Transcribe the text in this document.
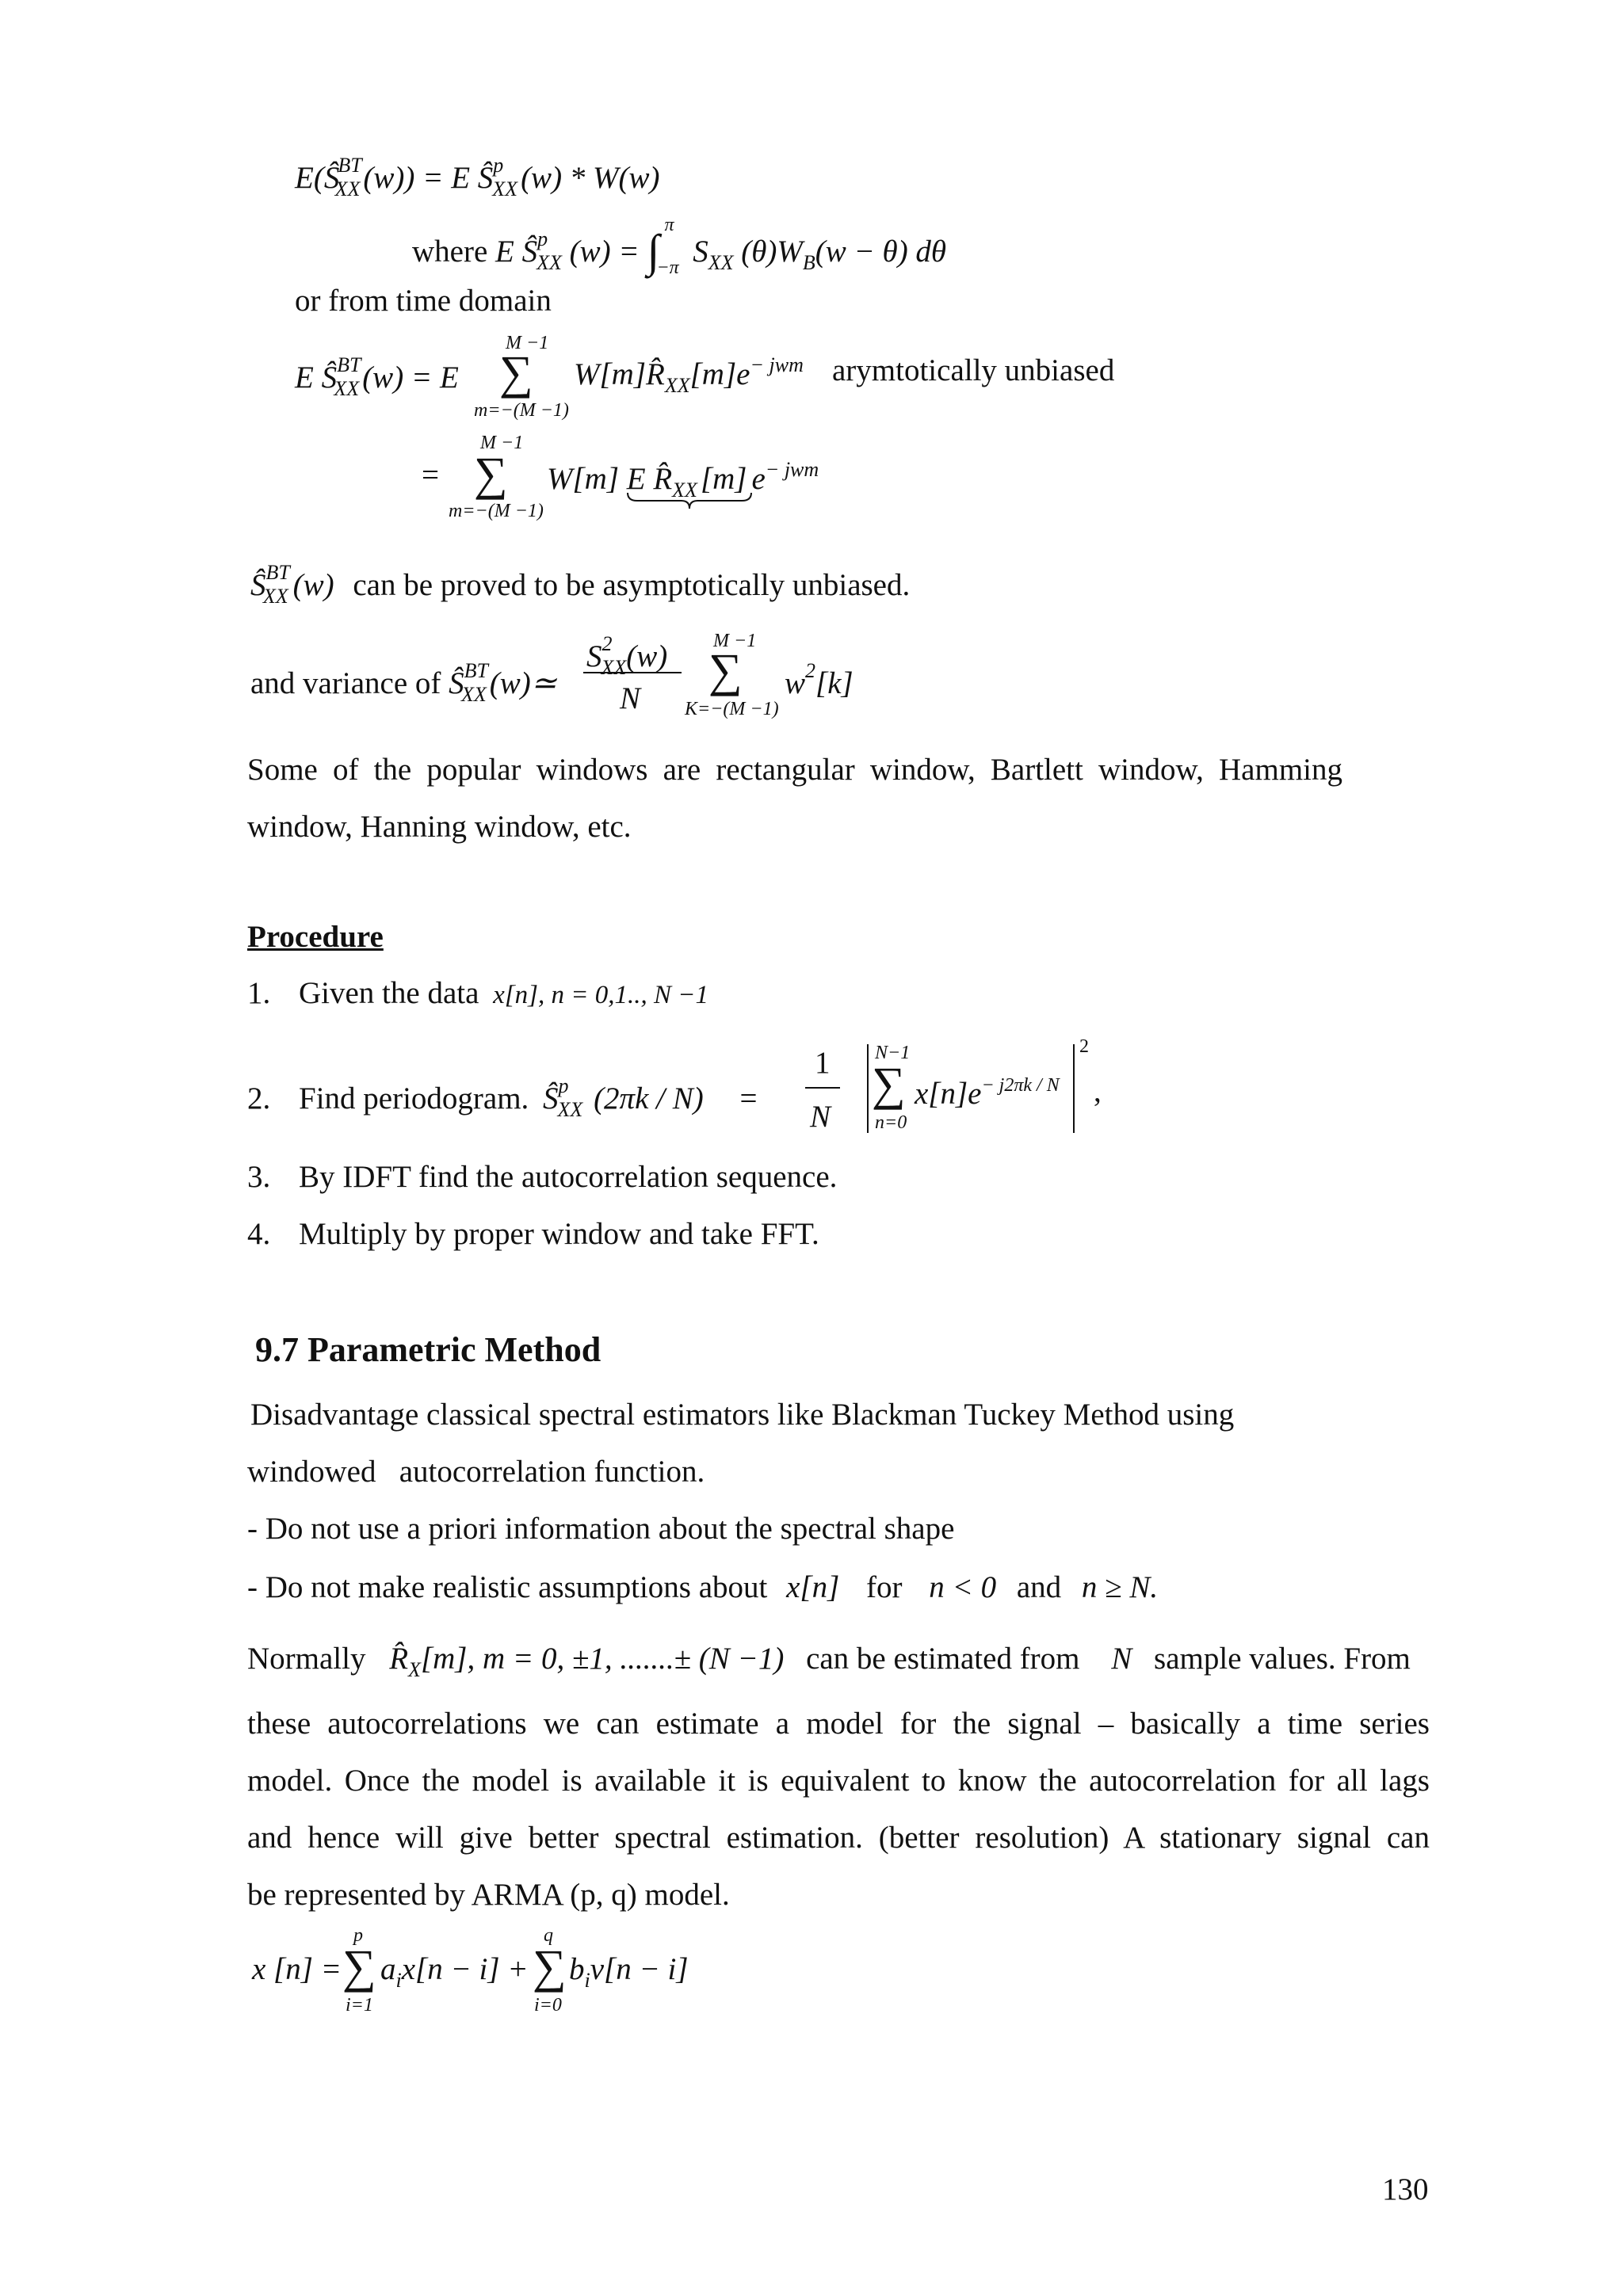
$E(Ŝ^{BT}_{XX}$ (w)) = E $Ŝ^p_{XX}$ (w) * W(w)
where E $Ŝ^p_{XX}$ (w) = ∫ π
−π $S_{XX}$ $(\theta)W_B(w - \theta)$ dθ
or from time domain
E $Ŝ^{BT}_{XX}$ (w) = E
M −1
∑
m=−(M −1)
$W[m]R̂_{XX}[m]e^{- jwm}$ arymtotically unbiased
=
M −1
∑
m=−(M −1)
W[m] E $R̂_{XX}$ [m] $e^{- jwm}$
$Ŝ^{BT}_{XX}$ (w) can be proved to be asymptotically unbiased.
and variance of $Ŝ^{BT}_{XX}$ (w)≃
$S^2_{XX}(w)$
N
M −1
∑
K=−(M −1)
$w^2[k]$
Some of the popular windows are rectangular window, Bartlett window, Hamming
window, Hanning window, etc.
Procedure
1. Given the data x[n], n = 0,1.., N −1
2. Find periodogram. $Ŝ^p_{XX}$ (2πk / N) =
1
N
N−1
∑
n=0
$x[n]e^{- j2\pi k / N}$
2
,
3. By IDFT find the autocorrelation sequence.
4. Multiply by proper window and take FFT.
9.7 Parametric Method
Disadvantage classical spectral estimators like Blackman Tuckey Method using
windowed   autocorrelation function.
- Do not use a priori information about the spectral shape
- Do not make realistic assumptions about x[n] for n < 0 and n ≥ N.
Normally $R̂_X[m]$, m = 0, ±1, .......± (N −1) can be estimated from N sample values. From
these autocorrelations we can estimate a model for the signal – basically a time series
model. Once the model is available it is equivalent to know the autocorrelation for all lags
and hence will give better spectral estimation. (better resolution) A stationary signal can
be represented by ARMA (p, q) model.
x [n] =
p
∑
i=1
$a_ix[n - i]$ +
q
∑
i=0
$b_iv[n - i]$
130
